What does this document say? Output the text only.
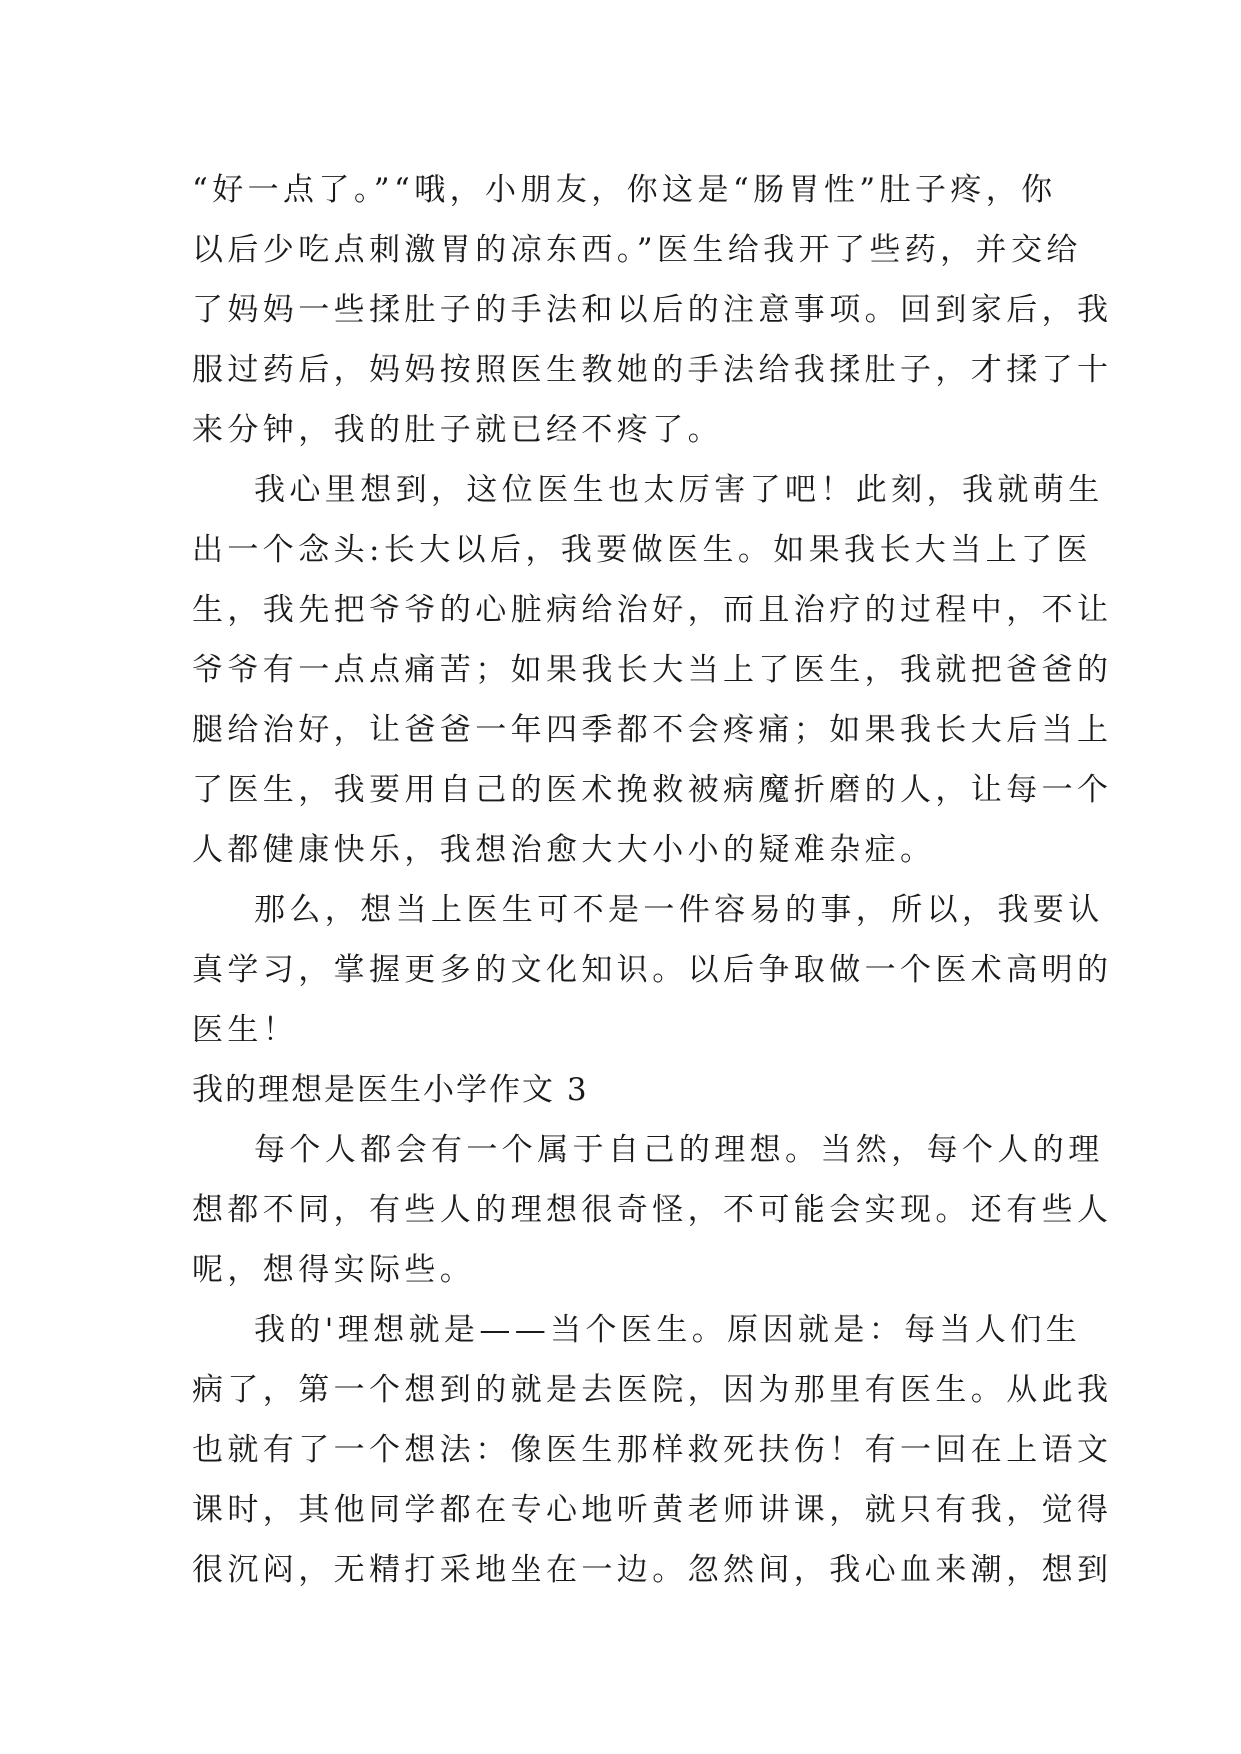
“好一点了。”“哦，小朋友，你这是“肠胃性”肚子疼，你
以后少吃点刺激胃的凉东西。”医生给我开了些药，并交给
了妈妈一些揉肚子的手法和以后的注意事项。回到家后，我
服过药后，妈妈按照医生教她的手法给我揉肚子，才揉了十
来分钟，我的肚子就已经不疼了。

我心里想到，这位医生也太厉害了吧！此刻，我就萌生
出一个念头:长大以后，我要做医生。如果我长大当上了医
生，我先把爷爷的心脏病给治好，而且治疗的过程中，不让
爷爷有一点点痛苦；如果我长大当上了医生，我就把爸爸的
腿给治好，让爸爸一年四季都不会疼痛；如果我长大后当上
了医生，我要用自己的医术挽救被病魔折磨的人，让每一个
人都健康快乐，我想治愈大大小小的疑难杂症。

那么，想当上医生可不是一件容易的事，所以，我要认
真学习，掌握更多的文化知识。以后争取做一个医术高明的
医生！

我的理想是医生小学作文 3

每个人都会有一个属于自己的理想。当然，每个人的理
想都不同，有些人的理想很奇怪，不可能会实现。还有些人
呢，想得实际些。

我的'理想就是——当个医生。原因就是：每当人们生
病了，第一个想到的就是去医院，因为那里有医生。从此我
也就有了一个想法：像医生那样救死扶伤！有一回在上语文
课时，其他同学都在专心地听黄老师讲课，就只有我，觉得
很沉闷，无精打采地坐在一边。忽然间，我心血来潮，想到
